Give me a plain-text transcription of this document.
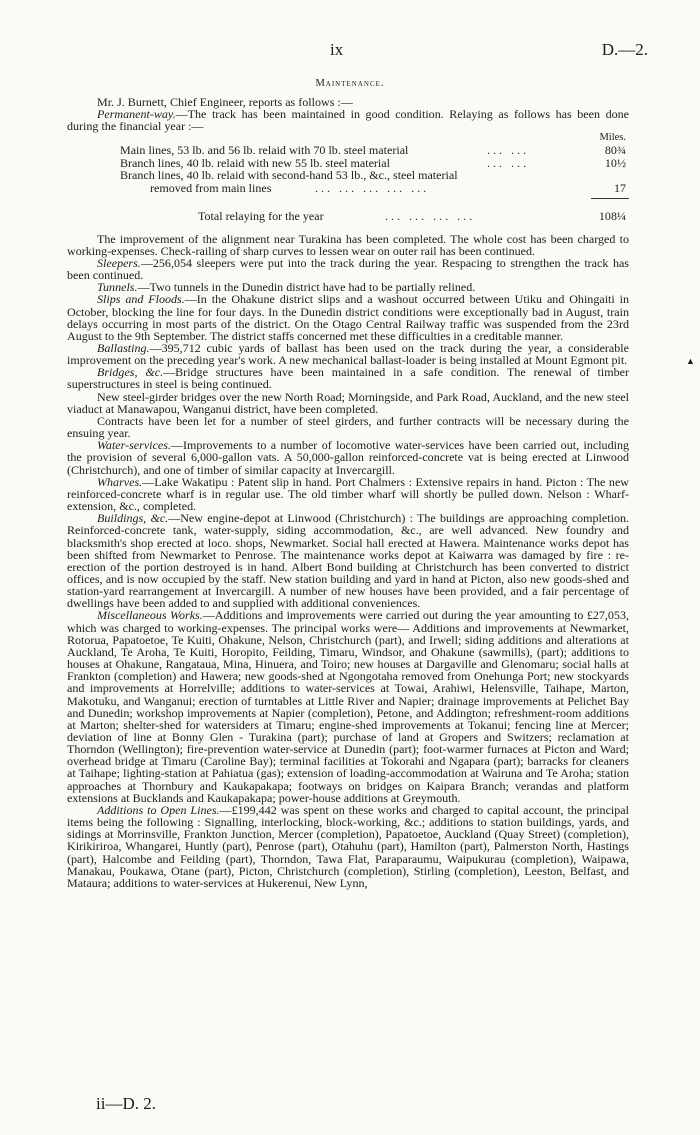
ix	D.—2.
Maintenance.
▲

Mr. J. Burnett, Chief Engineer, reports as follows :—

Permanent-way.—The track has been maintained in good condition. Relaying as follows has been done during the financial year :—

Miles.
Main lines, 53 lb. and 56 lb. relaid with 70 lb. steel material	... ...	80¾
Branch lines, 40 lb. relaid with new 55 lb. steel material	... ...	10½
Branch lines, 40 lb. relaid with second-hand 53 lb., &c., steel material
removed from main lines	... ... ... ... ...	17
Total relaying for the year	... ... ... ...	108¼

The improvement of the alignment near Turakina has been completed. The whole cost has been charged to working-expenses. Check-railing of sharp curves to lessen wear on outer rail has been continued.

Sleepers.—256,054 sleepers were put into the track during the year. Respacing to strengthen the track has been continued.

Tunnels.—Two tunnels in the Dunedin district have had to be partially relined.

Slips and Floods.—In the Ohakune district slips and a washout occurred between Utiku and Ohingaiti in October, blocking the line for four days. In the Dunedin district conditions were exceptionally bad in August, train delays occurring in most parts of the district. On the Otago Central Railway traffic was suspended from the 23rd August to the 9th September. The district staffs concerned met these difficulties in a creditable manner.

Ballasting.—395,712 cubic yards of ballast has been used on the track during the year, a considerable improvement on the preceding year's work. A new mechanical ballast-loader is being installed at Mount Egmont pit.

Bridges, &c.—Bridge structures have been maintained in a safe condition. The renewal of timber superstructures in steel is being continued.

New steel-girder bridges over the new North Road; Morningside, and Park Road, Auckland, and the new steel viaduct at Manawapou, Wanganui district, have been completed.

Contracts have been let for a number of steel girders, and further contracts will be necessary during the ensuing year.

Water-services.—Improvements to a number of locomotive water-services have been carried out, including the provision of several 6,000-gallon vats. A 50,000-gallon reinforced-concrete vat is being erected at Linwood (Christchurch), and one of timber of similar capacity at Invercargill.

Wharves.—Lake Wakatipu : Patent slip in hand. Port Chalmers : Extensive repairs in hand. Picton : The new reinforced-concrete wharf is in regular use. The old timber wharf will shortly be pulled down. Nelson : Wharf-extension, &c., completed.

Buildings, &c.—New engine-depot at Linwood (Christchurch) : The buildings are approaching completion. Reinforced-concrete tank, water-supply, siding accommodation, &c., are well advanced. New foundry and blacksmith's shop erected at loco. shops, Newmarket. Social hall erected at Hawera. Maintenance works depot has been shifted from Newmarket to Penrose. The maintenance works depot at Kaiwarra was damaged by fire : re-erection of the portion destroyed is in hand. Albert Bond building at Christchurch has been converted to district offices, and is now occupied by the staff. New station building and yard in hand at Picton, also new goods-shed and station-yard rearrangement at Invercargill. A number of new houses have been provided, and a fair percentage of dwellings have been added to and supplied with additional conveniences.

Miscellaneous Works.—Additions and improvements were carried out during the year amounting to £27,053, which was charged to working-expenses. The principal works were— Additions and improvements at Newmarket, Rotorua, Papatoetoe, Te Kuiti, Ohakune, Nelson, Christchurch (part), and Irwell; siding additions and alterations at Auckland, Te Aroha, Te Kuiti, Horopito, Feilding, Timaru, Windsor, and Ohakune (sawmills), (part); additions to houses at Ohakune, Rangataua, Mina, Hinuera, and Toiro; new houses at Dargaville and Glenomaru; social halls at Frankton (completion) and Hawera; new goods-shed at Ngongotaha removed from Onehunga Port; new stockyards and improvements at Horrelville; additions to water-services at Towai, Arahiwi, Helensville, Taihape, Marton, Makotuku, and Wanganui; erection of turntables at Little River and Napier; drainage improvements at Pelichet Bay and Dunedin; workshop improvements at Napier (completion), Petone, and Addington; refreshment-room additions at Marton; shelter-shed for watersiders at Timaru; engine-shed improvements at Tokanui; fencing line at Mercer; deviation of line at Bonny Glen - Turakina (part); purchase of land at Gropers and Switzers; reclamation at Thorndon (Wellington); fire-prevention water-service at Dunedin (part); foot-warmer furnaces at Picton and Ward; overhead bridge at Timaru (Caroline Bay); terminal facilities at Tokorahi and Ngapara (part); barracks for cleaners at Taihape; lighting-station at Pahiatua (gas); extension of loading-accommodation at Wairuna and Te Aroha; station approaches at Thornbury and Kaukapakapa; footways on bridges on Kaipara Branch; verandas and platform extensions at Bucklands and Kaukapakapa; power-house additions at Greymouth.

Additions to Open Lines.—£199,442 was spent on these works and charged to capital account, the principal items being the following : Signalling, interlocking, block-working, &c.; additions to station buildings, yards, and sidings at Morrinsville, Frankton Junction, Mercer (completion), Papatoetoe, Auckland (Quay Street) (completion), Kirikiriroa, Whangarei, Huntly (part), Penrose (part), Otahuhu (part), Hamilton (part), Palmerston North, Hastings (part), Halcombe and Feilding (part), Thorndon, Tawa Flat, Paraparaumu, Waipukurau (completion), Waipawa, Manakau, Poukawa, Otane (part), Picton, Christchurch (completion), Stirling (completion), Leeston, Belfast, and Mataura; additions to water-services at Hukerenui, New Lynn,

ii—D. 2.
